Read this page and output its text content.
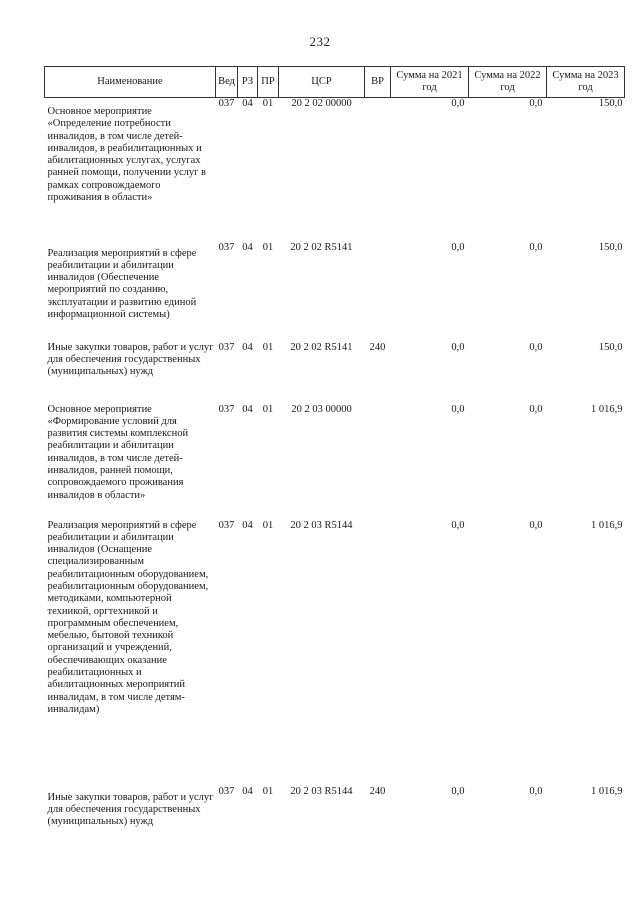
232
Наименование	Вед	РЗ	ПР	ЦСР	ВР	Сумма на 2021 год	Сумма на 2022 год	Сумма на 2023 год
Основное мероприятие «Определение потребности инвалидов, в том числе детей-инвалидов, в реабилитационных и абилитационных услугах, услугах ранней помощи, получении услуг в рамках сопровождаемого проживания в области»	037	04	01	20 2 02 00000		0,0	0,0	150,0
Реализация мероприятий в сфере реабилитации и абилитации инвалидов (Обеспечение мероприятий по созданию, эксплуатации и развитию единой информационной системы)	037	04	01	20 2 02 R5141		0,0	0,0	150,0
Иные закупки товаров, работ и услуг для обеспечения государственных (муниципальных) нужд	037	04	01	20 2 02 R5141	240	0,0	0,0	150,0
Основное мероприятие «Формирование условий для развития системы комплексной реабилитации и абилитации инвалидов, в том числе детей-инвалидов, ранней помощи, сопровождаемого проживания инвалидов в области»	037	04	01	20 2 03 00000		0,0	0,0	1 016,9
Реализация мероприятий в сфере реабилитации и абилитации инвалидов (Оснащение специализированным реабилитационным оборудованием, реабилитационным оборудованием, методиками, компьютерной техникой, оргтехникой и программным обеспечением, мебелью, бытовой техникой организаций и учреждений, обеспечивающих оказание реабилитационных и абилитационных мероприятий инвалидам, в том числе детям-инвалидам)	037	04	01	20 2 03 R5144		0,0	0,0	1 016,9
Иные закупки товаров, работ и услуг для обеспечения государственных (муниципальных) нужд	037	04	01	20 2 03 R5144	240	0,0	0,0	1 016,9
